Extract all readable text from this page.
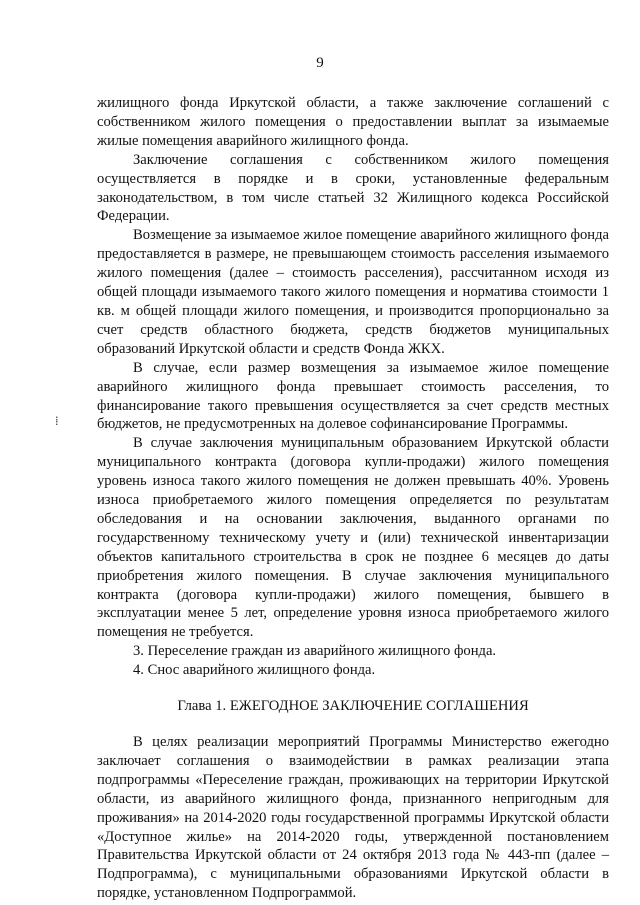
9
⁞

жилищного фонда Иркутской области, а также заключение соглашений с собственником жилого помещения о предоставлении выплат за изымаемые жилые помещения аварийного жилищного фонда.

Заключение соглашения с собственником жилого помещения осуществляется в порядке и в сроки, установленные федеральным законодательством, в том числе статьей 32 Жилищного кодекса Российской Федерации.

Возмещение за изымаемое жилое помещение аварийного жилищного фонда предоставляется в размере, не превышающем стоимость расселения изымаемого жилого помещения (далее – стоимость расселения), рассчитанном исходя из общей площади изымаемого такого жилого помещения и норматива стоимости 1 кв. м общей площади жилого помещения, и производится пропорционально за счет средств областного бюджета, средств бюджетов муниципальных образований Иркутской области и средств Фонда ЖКХ.

В случае, если размер возмещения за изымаемое жилое помещение аварийного жилищного фонда превышает стоимость расселения, то финансирование такого превышения осуществляется за счет средств местных бюджетов, не предусмотренных на долевое софинансирование Программы.

В случае заключения муниципальным образованием Иркутской области муниципального контракта (договора купли-продажи) жилого помещения уровень износа такого жилого помещения не должен превышать 40%. Уровень износа приобретаемого жилого помещения определяется по результатам обследования и на основании заключения, выданного органами по государственному техническому учету и (или) технической инвентаризации объектов капитального строительства в срок не позднее 6 месяцев до даты приобретения жилого помещения. В случае заключения муниципального контракта (договора купли-продажи) жилого помещения, бывшего в эксплуатации менее 5 лет, определение уровня износа приобретаемого жилого помещения не требуется.

3. Переселение граждан из аварийного жилищного фонда.

4. Снос аварийного жилищного фонда.

Глава 1. ЕЖЕГОДНОЕ ЗАКЛЮЧЕНИЕ СОГЛАШЕНИЯ

В целях реализации мероприятий Программы Министерство ежегодно заключает соглашения о взаимодействии в рамках реализации этапа подпрограммы «Переселение граждан, проживающих на территории Иркутской области, из аварийного жилищного фонда, признанного непригодным для проживания» на 2014-2020 годы государственной программы Иркутской области «Доступное жилье» на 2014-2020 годы, утвержденной постановлением Правительства Иркутской области от 24 октября 2013 года № 443-пп (далее – Подпрограмма), с муниципальными образованиями Иркутской области в порядке, установленном Подпрограммой.
